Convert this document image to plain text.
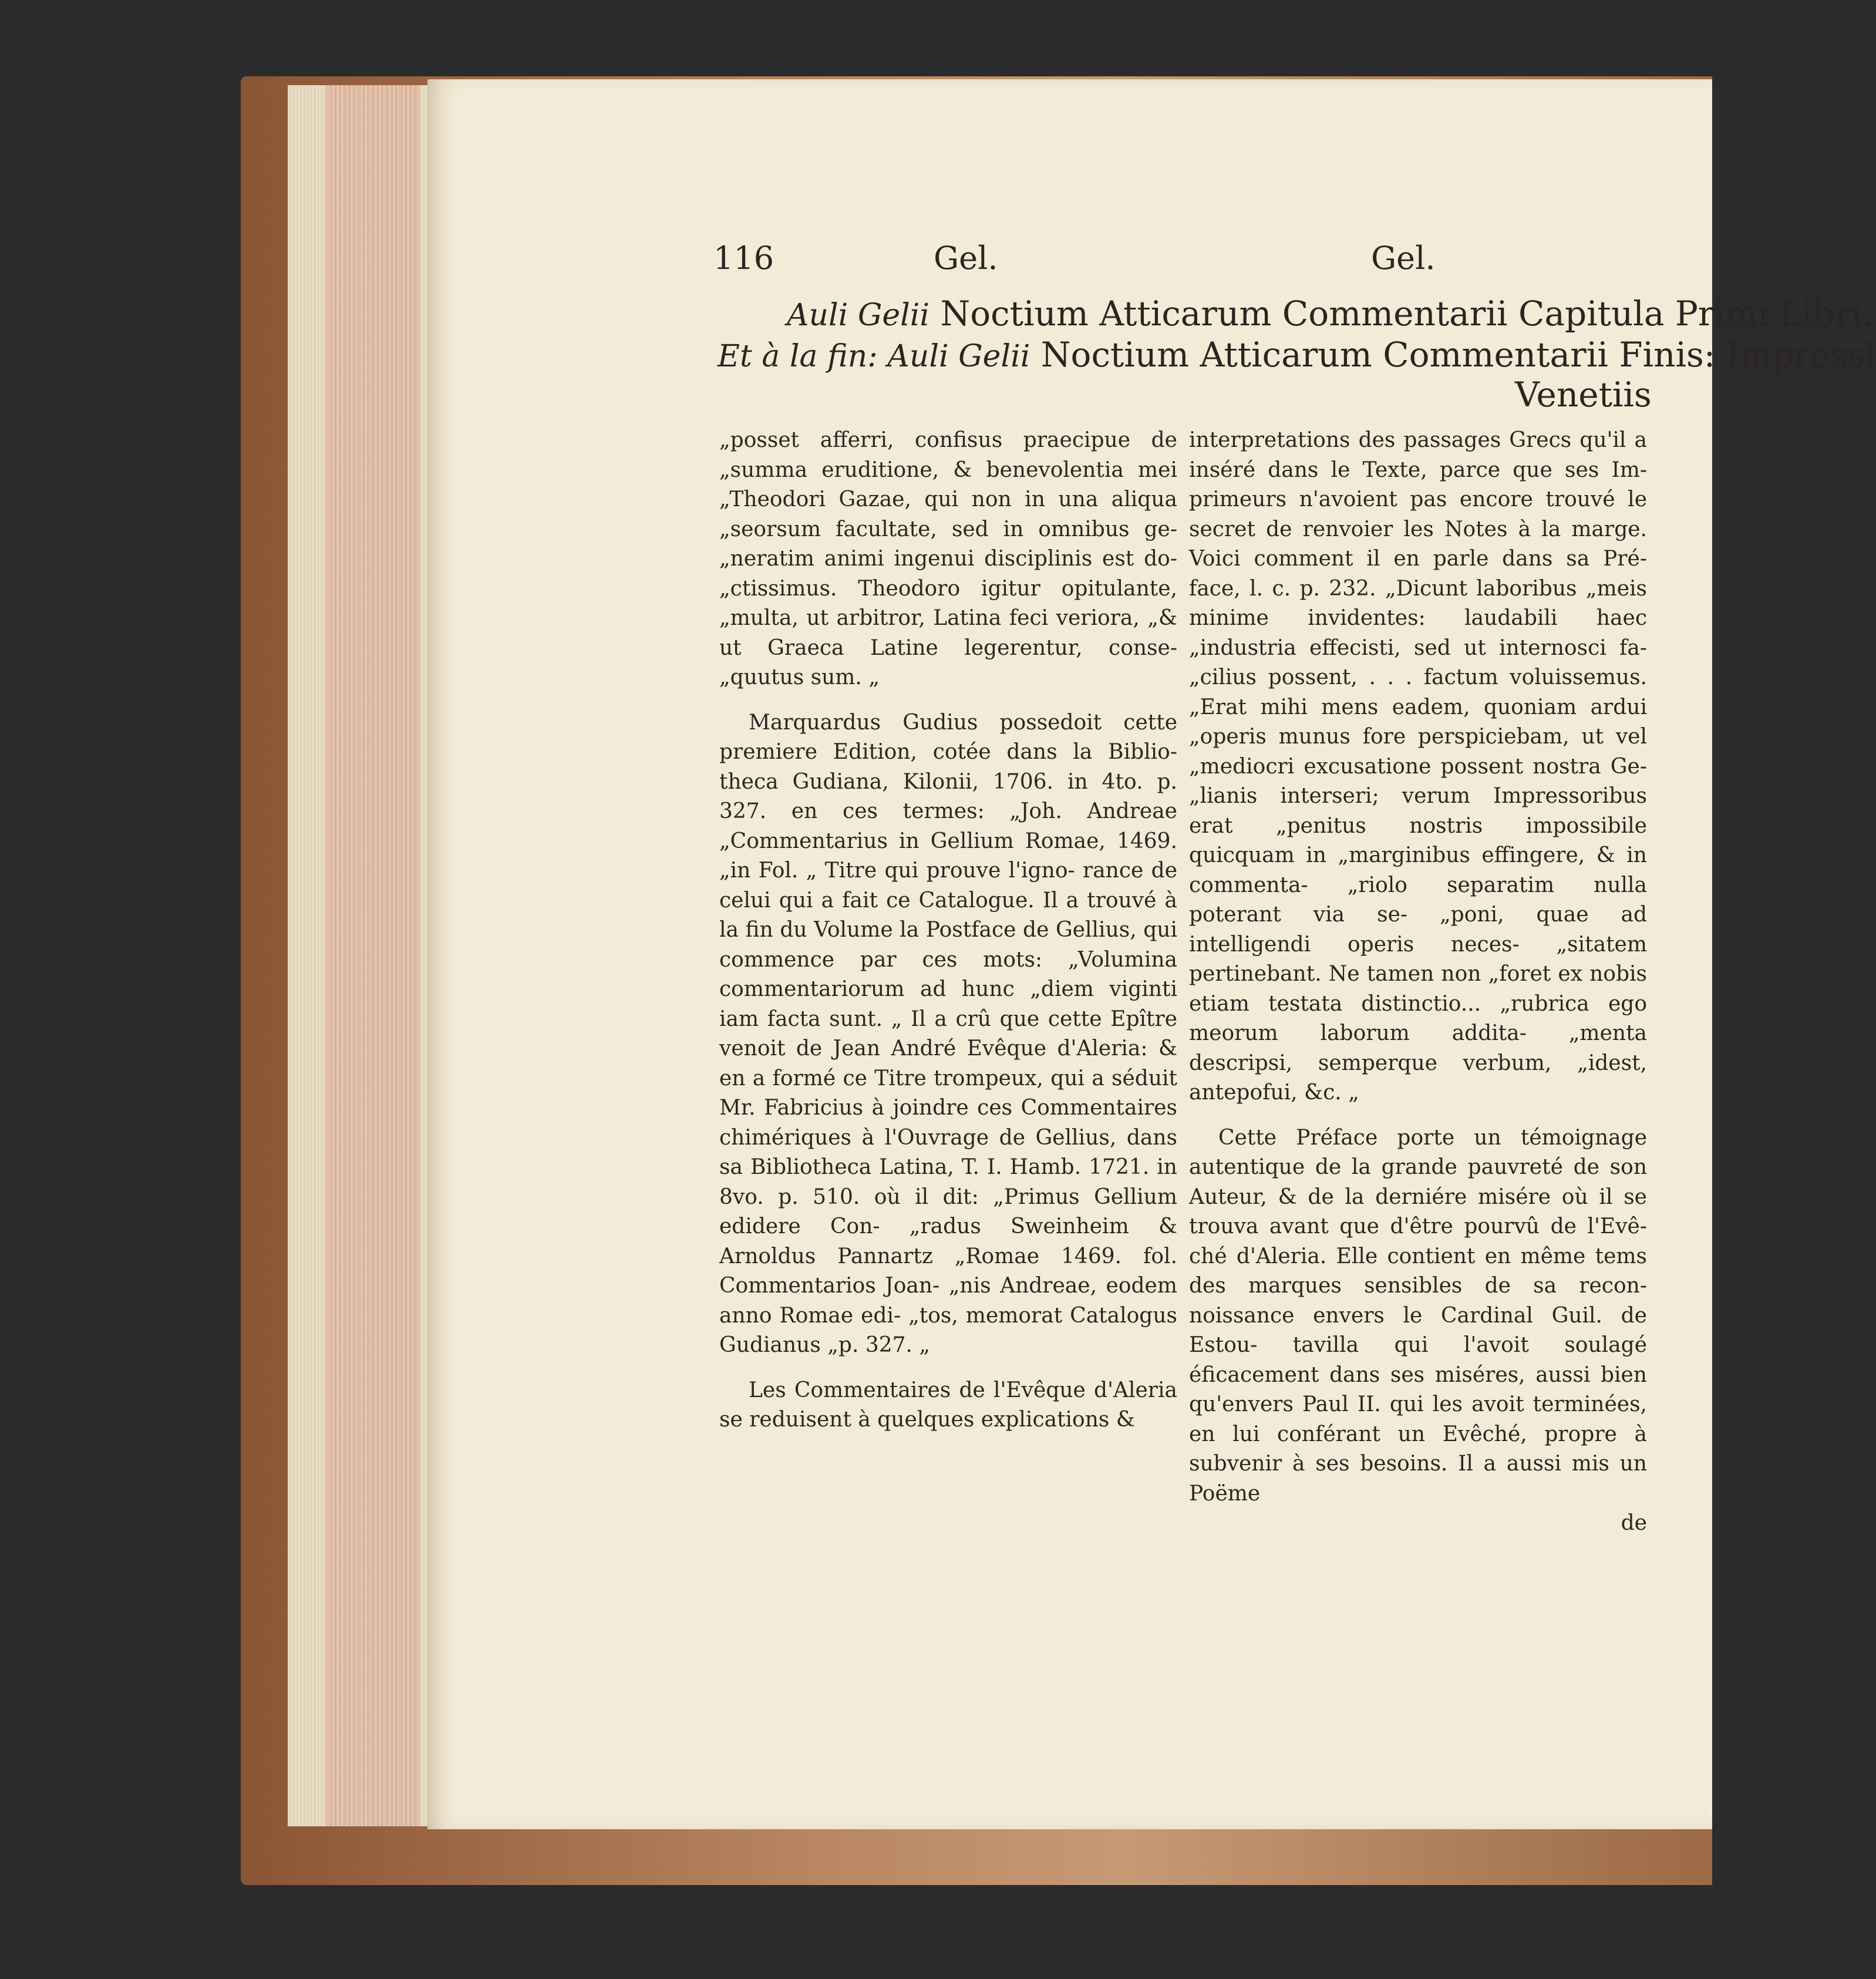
116	Gel.	Gel.
Auli Gelii Noctium Atticarum Commentarii Capitula Primi Libri.
Et à la fin: Auli Gelii Noctium Atticarum Commentarii Finis: Impressi
Venetiis

„posset afferri, confisus praecipue de „summa eruditione, & benevolentia mei „Theodori Gazae, qui non in una aliqua „seorsum facultate, sed in omnibus ge- „neratim animi ingenui disciplinis est do- „ctissimus. Theodoro igitur opitulante, „multa, ut arbitror, Latina feci veriora, „& ut Graeca Latine legerentur, conse- „quutus sum. „

Marquardus Gudius possedoit cette premiere Edition, cotée dans la Biblio- theca Gudiana, Kilonii, 1706. in 4to. p. 327. en ces termes: „Joh. Andreae „Commentarius in Gellium Romae, 1469. „in Fol. „ Titre qui prouve l'igno- rance de celui qui a fait ce Catalogue. Il a trouvé à la fin du Volume la Postface de Gellius, qui commence par ces mots: „Volumina commentariorum ad hunc „diem viginti iam facta sunt. „ Il a crû que cette Epître venoit de Jean André Evêque d'Aleria: & en a formé ce Titre trompeux, qui a séduit Mr. Fabricius à joindre ces Commentaires chimériques à l'Ouvrage de Gellius, dans sa Bibliotheca Latina, T. I. Hamb. 1721. in 8vo. p. 510. où il dit: „Primus Gellium edidere Con- „radus Sweinheim & Arnoldus Pannartz „Romae 1469. fol. Commentarios Joan- „nis Andreae, eodem anno Romae edi- „tos, memorat Catalogus Gudianus „p. 327. „

Les Commentaires de l'Evêque d'Aleria se reduisent à quelques explications &

interpretations des passages Grecs qu'il a inséré dans le Texte, parce que ses Im- primeurs n'avoient pas encore trouvé le secret de renvoier les Notes à la marge. Voici comment il en parle dans sa Pré- face, l. c. p. 232. „Dicunt laboribus „meis minime invidentes: laudabili haec „industria effecisti, sed ut internosci fa- „cilius possent, . . . factum voluissemus. „Erat mihi mens eadem, quoniam ardui „operis munus fore perspiciebam, ut vel „mediocri excusatione possent nostra Ge- „lianis interseri; verum Impressoribus erat „penitus nostris impossibile quicquam in „marginibus effingere, & in commenta- „riolo separatim nulla poterant via se- „poni, quae ad intelligendi operis neces- „sitatem pertinebant. Ne tamen non „foret ex nobis etiam testata distinctio... „rubrica ego meorum laborum addita- „menta descripsi, semperque verbum, „idest, antepofui, &c. „

Cette Préface porte un témoignage autentique de la grande pauvreté de son Auteur, & de la derniére misére où il se trouva avant que d'être pourvû de l'Evê- ché d'Aleria. Elle contient en même tems des marques sensibles de sa recon- noissance envers le Cardinal Guil. de Estou- tavilla qui l'avoit soulagé éficacement dans ses miséres, aussi bien qu'envers Paul II. qui les avoit terminées, en lui conférant un Evêché, propre à subvenir à ses besoins. Il a aussi mis un Poëme

de
